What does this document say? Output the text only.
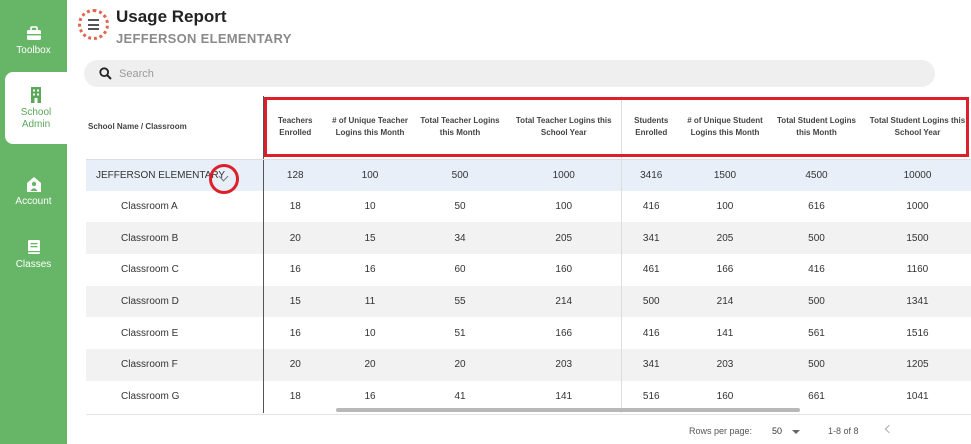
Toolbox
School Admin
Account
Classes
Usage Report
JEFFERSON ELEMENTARY
Search
School Name / Classroom	Teachers Enrolled	# of Unique Teacher Logins this Month	Total Teacher Logins this Month	Total Teacher Logins this School Year	Students Enrolled	# of Unique Student Logins this Month	Total Student Logins this Month	Total Student Logins this School Year
JEFFERSON ELEMENTARY	128	100	500	1000	3416	1500	4500	10000
Classroom A	18	10	50	100	416	100	616	1000
Classroom B	20	15	34	205	341	205	500	1500
Classroom C	16	16	60	160	461	166	416	1160
Classroom D	15	11	55	214	500	214	500	1341
Classroom E	16	10	51	166	416	141	561	1516
Classroom F	20	20	20	203	341	203	500	1205
Classroom G	18	16	41	141	516	160	661	1041
Rows per page: 50	1-8 of 8
